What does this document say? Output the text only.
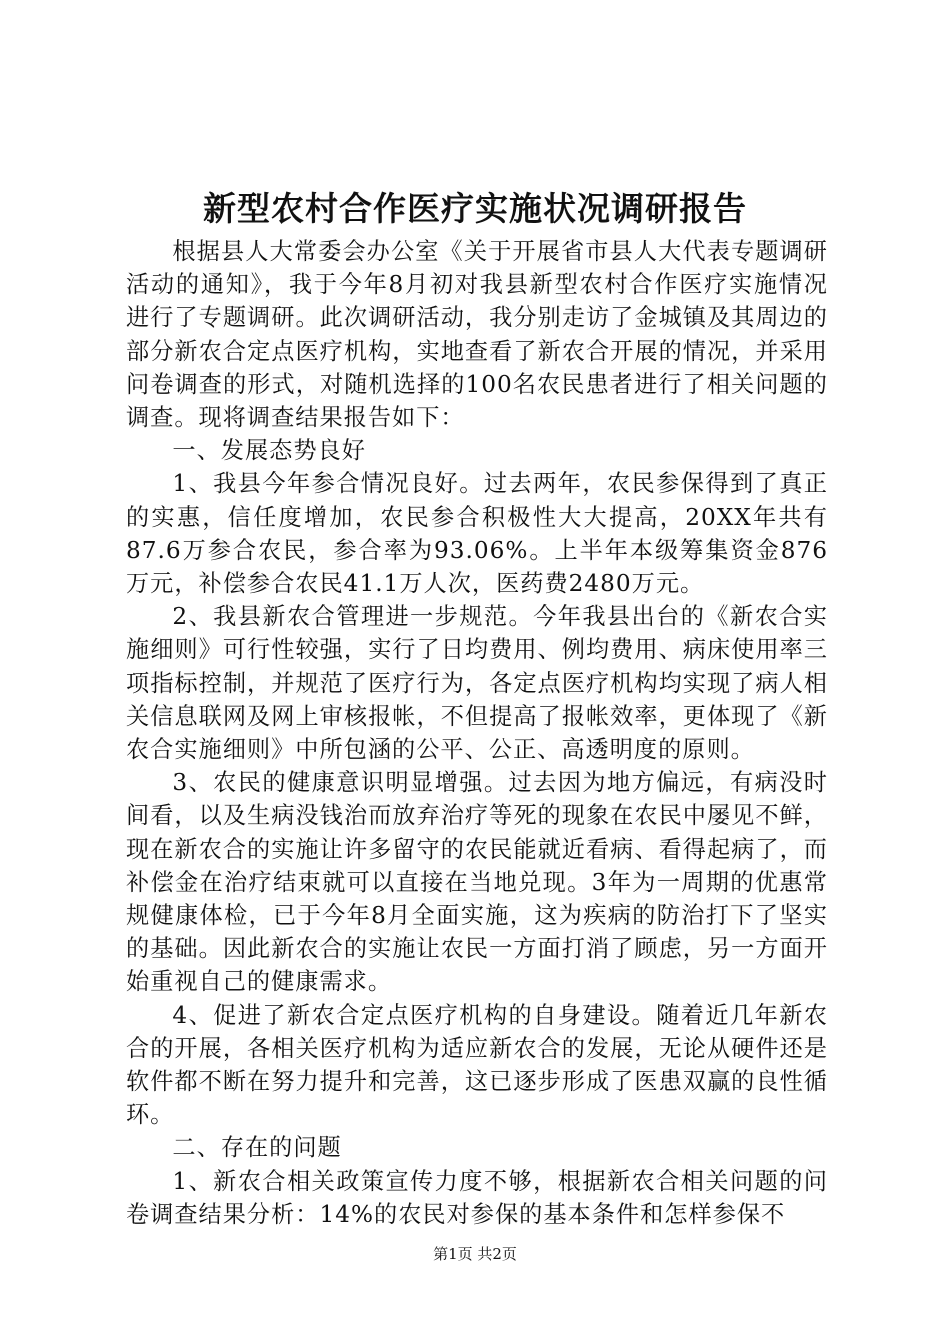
新型农村合作医疗实施状况调研报告

根据县人大常委会办公室《关于开展省市县人大代表专题调研活动的通知》，我于今年8月初对我县新型农村合作医疗实施情况进行了专题调研。此次调研活动，我分别走访了金城镇及其周边的部分新农合定点医疗机构，实地查看了新农合开展的情况，并采用问卷调查的形式，对随机选择的100名农民患者进行了相关问题的调查。现将调查结果报告如下：

一、发展态势良好

1、我县今年参合情况良好。过去两年，农民参保得到了真正的实惠，信任度增加，农民参合积极性大大提高，20XX年共有87.6万参合农民，参合率为93.06%。上半年本级筹集资金876万元，补偿参合农民41.1万人次，医药费2480万元。

2、我县新农合管理进一步规范。今年我县出台的《新农合实施细则》可行性较强，实行了日均费用、例均费用、病床使用率三项指标控制，并规范了医疗行为，各定点医疗机构均实现了病人相关信息联网及网上审核报帐，不但提高了报帐效率，更体现了《新农合实施细则》中所包涵的公平、公正、高透明度的原则。

3、农民的健康意识明显增强。过去因为地方偏远，有病没时间看，以及生病没钱治而放弃治疗等死的现象在农民中屡见不鲜，现在新农合的实施让许多留守的农民能就近看病、看得起病了，而补偿金在治疗结束就可以直接在当地兑现。3年为一周期的优惠常规健康体检，已于今年8月全面实施，这为疾病的防治打下了坚实的基础。因此新农合的实施让农民一方面打消了顾虑，另一方面开始重视自己的健康需求。

4、促进了新农合定点医疗机构的自身建设。随着近几年新农合的开展，各相关医疗机构为适应新农合的发展，无论从硬件还是软件都不断在努力提升和完善，这已逐步形成了医患双赢的良性循环。

二、存在的问题

1、新农合相关政策宣传力度不够，根据新农合相关问题的问卷调查结果分析：14%的农民对参保的基本条件和怎样参保不

第1页 共2页
